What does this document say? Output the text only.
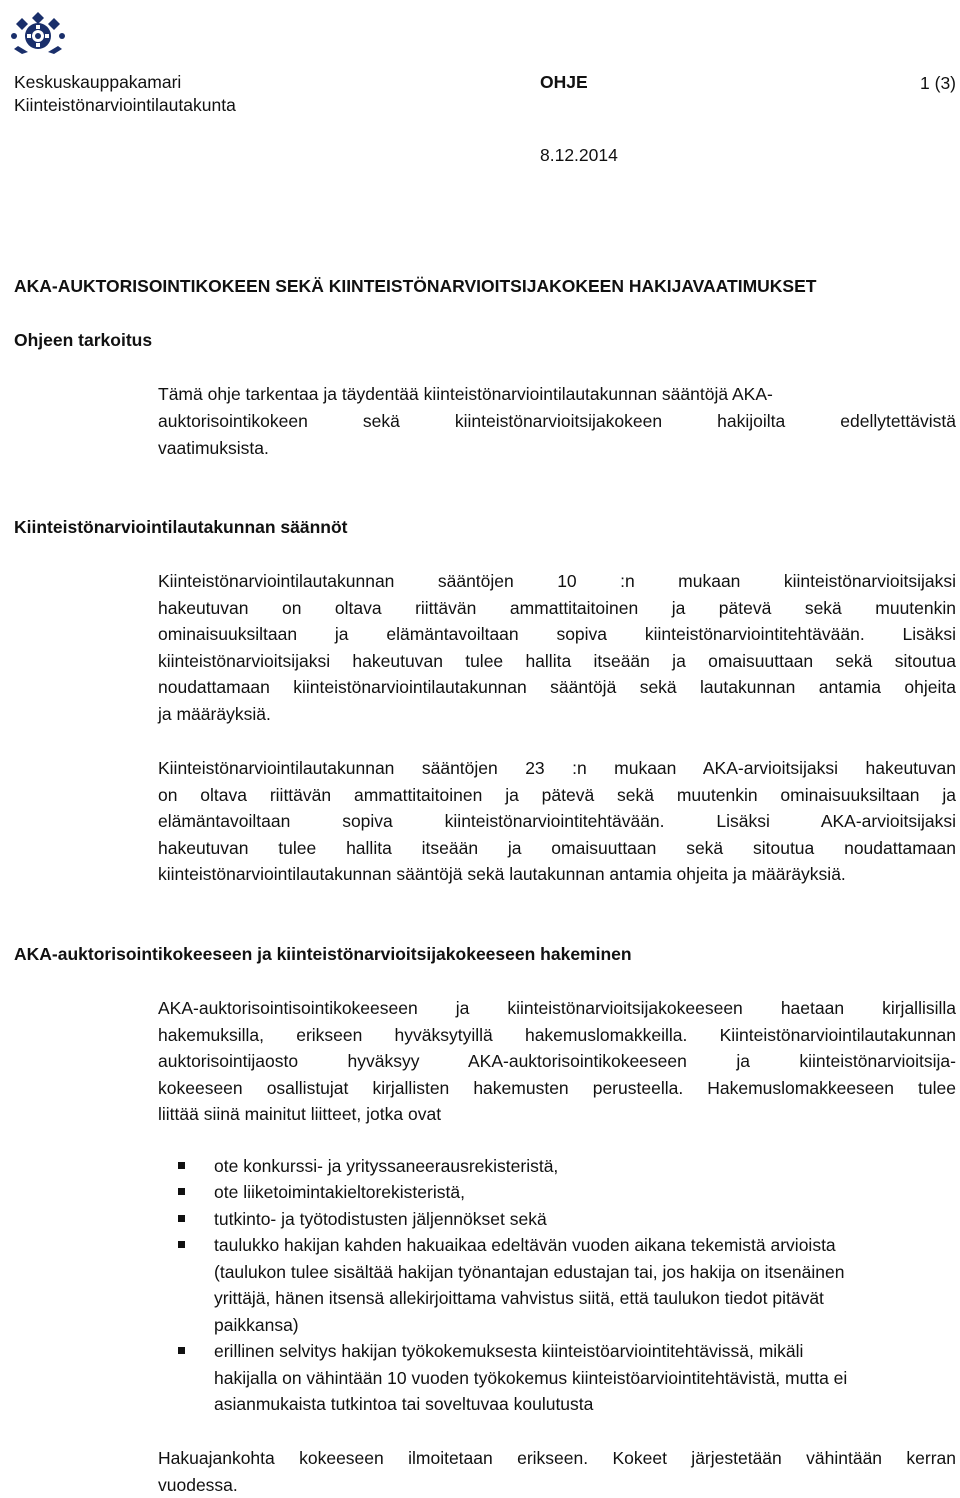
Keskuskauppakamari
Kiinteistönarviointilautakunta
OHJE	1 (3)
8.12.2014
AKA-AUKTORISOINTIKOKEEN SEKÄ KIINTEISTÖNARVIOITSIJAKOKEEN HAKIJAVAATIMUKSET
Ohjeen tarkoitus
Tämä ohje tarkentaa ja täydentää kiinteistönarviointilautakunnan sääntöjä AKA-
auktorisointikokeen sekä kiinteistönarvioitsijakokeen hakijoilta edellytettävistä
vaatimuksista.
Kiinteistönarviointilautakunnan säännöt
Kiinteistönarviointilautakunnan sääntöjen 10 :n mukaan kiinteistönarvioitsijaksi
hakeutuvan on oltava riittävän ammattitaitoinen ja pätevä sekä muutenkin
ominaisuuksiltaan ja elämäntavoiltaan sopiva kiinteistönarviointitehtävään. Lisäksi
kiinteistönarvioitsijaksi hakeutuvan tulee hallita itseään ja omaisuuttaan sekä sitoutua
noudattamaan kiinteistönarviointilautakunnan sääntöjä sekä lautakunnan antamia ohjeita
ja määräyksiä.
Kiinteistönarviointilautakunnan sääntöjen 23 :n mukaan AKA-arvioitsijaksi hakeutuvan
on oltava riittävän ammattitaitoinen ja pätevä sekä muutenkin ominaisuuksiltaan ja
elämäntavoiltaan sopiva kiinteistönarviointitehtävään. Lisäksi AKA-arvioitsijaksi
hakeutuvan tulee hallita itseään ja omaisuuttaan sekä sitoutua noudattamaan
kiinteistönarviointilautakunnan sääntöjä sekä lautakunnan antamia ohjeita ja määräyksiä.
AKA-auktorisointikokeeseen ja kiinteistönarvioitsijakokeeseen hakeminen
AKA-auktorisointisointikokeeseen ja kiinteistönarvioitsijakokeeseen haetaan kirjallisilla
hakemuksilla, erikseen hyväksytyillä hakemuslomakkeilla. Kiinteistönarviointilautakunnan
auktorisointijaosto hyväksyy AKA-auktorisointikokeeseen ja kiinteistönarvioitsija-
kokeeseen osallistujat kirjallisten hakemusten perusteella. Hakemuslomakkeeseen tulee
liittää siinä mainitut liitteet, jotka ovat
ote konkurssi- ja yrityssaneerausrekisteristä,
ote liiketoimintakieltorekisteristä,
tutkinto- ja työtodistusten jäljennökset sekä
taulukko hakijan kahden hakuaikaa edeltävän vuoden aikana tekemistä arvioista
(taulukon tulee sisältää hakijan työnantajan edustajan tai, jos hakija on itsenäinen
yrittäjä, hänen itsensä allekirjoittama vahvistus siitä, että taulukon tiedot pitävät
paikkansa)
erillinen selvitys hakijan työkokemuksesta kiinteistöarviointitehtävissä, mikäli
hakijalla on vähintään 10 vuoden työkokemus kiinteistöarviointitehtävistä, mutta ei
asianmukaista tutkintoa tai soveltuvaa koulutusta
Hakuajankohta kokeeseen ilmoitetaan erikseen. Kokeet järjestetään vähintään kerran
vuodessa.
